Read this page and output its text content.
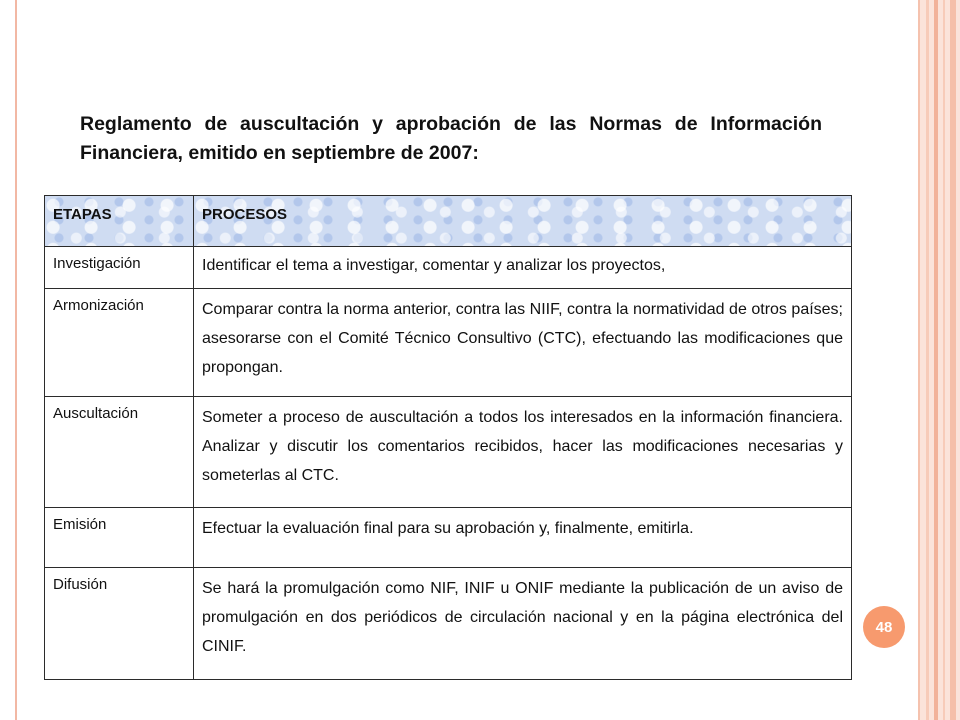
Reglamento de auscultación y aprobación de las Normas de Información Financiera, emitido en septiembre de 2007:
ETAPAS	PROCESOS
Investigación	Identificar el tema a investigar, comentar y analizar los proyectos,
Armonización	Comparar contra la norma anterior, contra las NIIF, contra la normatividad de otros países; asesorarse con el Comité Técnico Consultivo (CTC), efectuando las modificaciones que propongan.
Auscultación	Someter a proceso de auscultación a todos los interesados en la información financiera. Analizar y discutir los comentarios recibidos, hacer las modificaciones necesarias y someterlas al CTC.
Emisión	Efectuar la evaluación final para su aprobación y, finalmente, emitirla.
Difusión	Se hará la promulgación como NIF, INIF u ONIF mediante la publicación de un aviso de promulgación en dos periódicos de circulación nacional y en la página electrónica del CINIF.
48
